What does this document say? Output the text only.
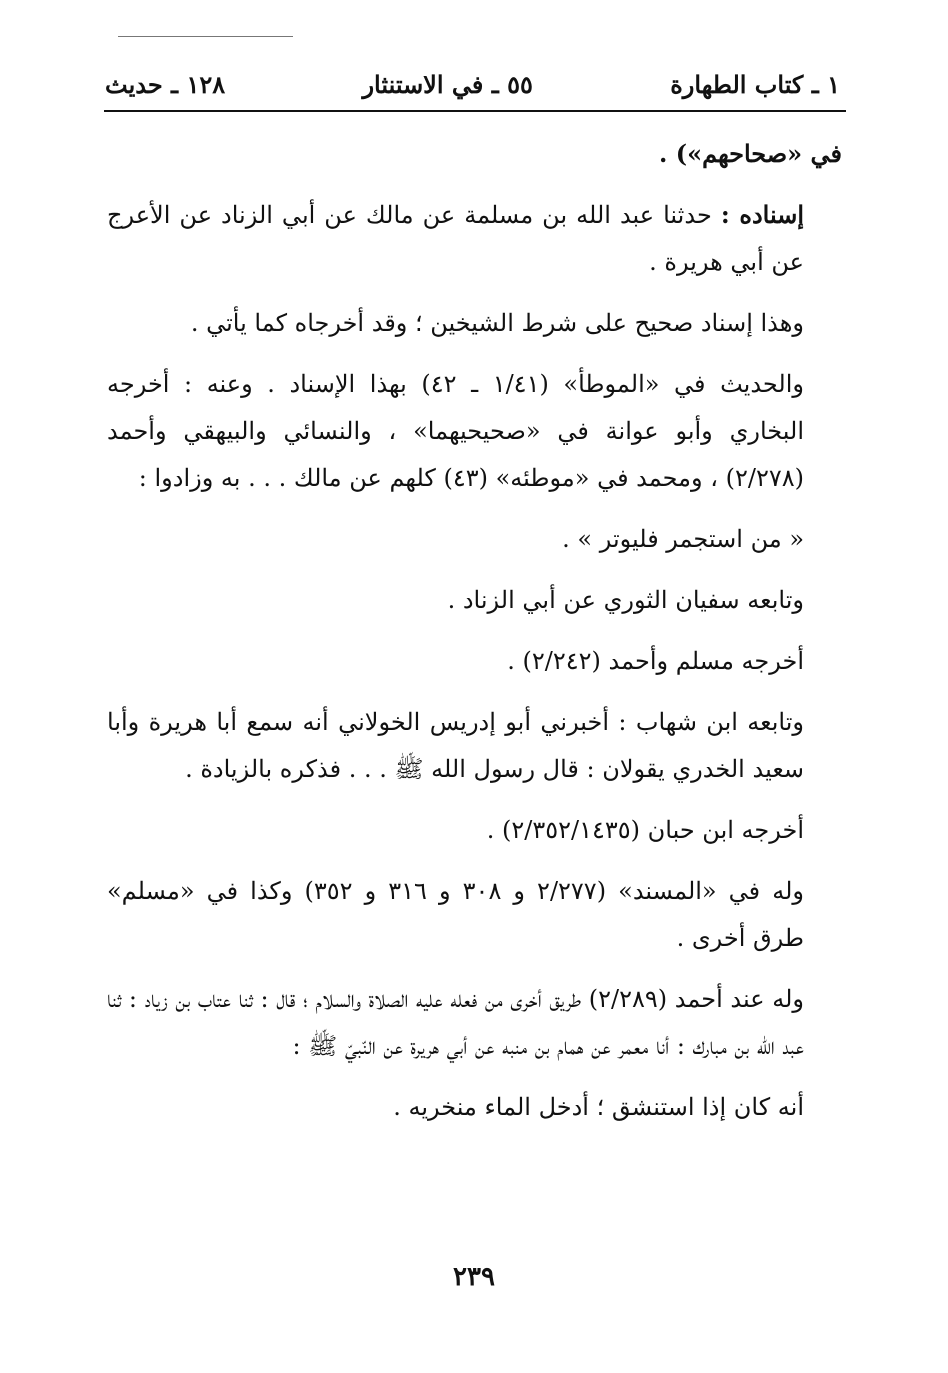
١ ـ كتاب الطهارة
٥٥ ـ في الاستنثار
١٢٨ ـ حديث

في «صحاحهم») .

إسناده : حدثنا عبد الله بن مسلمة عن مالك عن أبي الزناد عن الأعرج عن أبي هريرة .

وهذا إسناد صحيح على شرط الشيخين ؛ وقد أخرجاه كما يأتي .

والحديث في «الموطأ» (١/٤١ ـ ٤٢) بهذا الإسناد . وعنه : أخرجه البخاري وأبو عوانة في «صحيحيهما» ، والنسائي والبيهقي وأحمد (٢/٢٧٨) ، ومحمد في «موطئه» (٤٣) كلهم عن مالك . . . به وزادوا :

« من استجمر فليوتر » .

وتابعه سفيان الثوري عن أبي الزناد .

أخرجه مسلم وأحمد (٢/٢٤٢) .

وتابعه ابن شهاب : أخبرني أبو إدريس الخولاني أنه سمع أبا هريرة وأبا سعيد الخدري يقولان : قال رسول الله ﷺ . . . فذكره بالزيادة .

أخرجه ابن حبان (٢/٣٥٢/١٤٣٥) .

وله في «المسند» (٢/٢٧٧ و ٣٠٨ و ٣١٦ و ٣٥٢) وكذا في «مسلم» طرق أخرى .

وله عند أحمد (٢/٢٨٩) طريق أخرى من فعله عليه الصلاة والسلام ؛ قال : ثنا عتاب بن زياد : ثنا عبد الله بن مبارك : أنا معمر عن همام بن منبه عن أبي هريرة عن النّبيّ ﷺ :

أنه كان إذا استنشق ؛ أدخل الماء منخريه .

٢٣٩
